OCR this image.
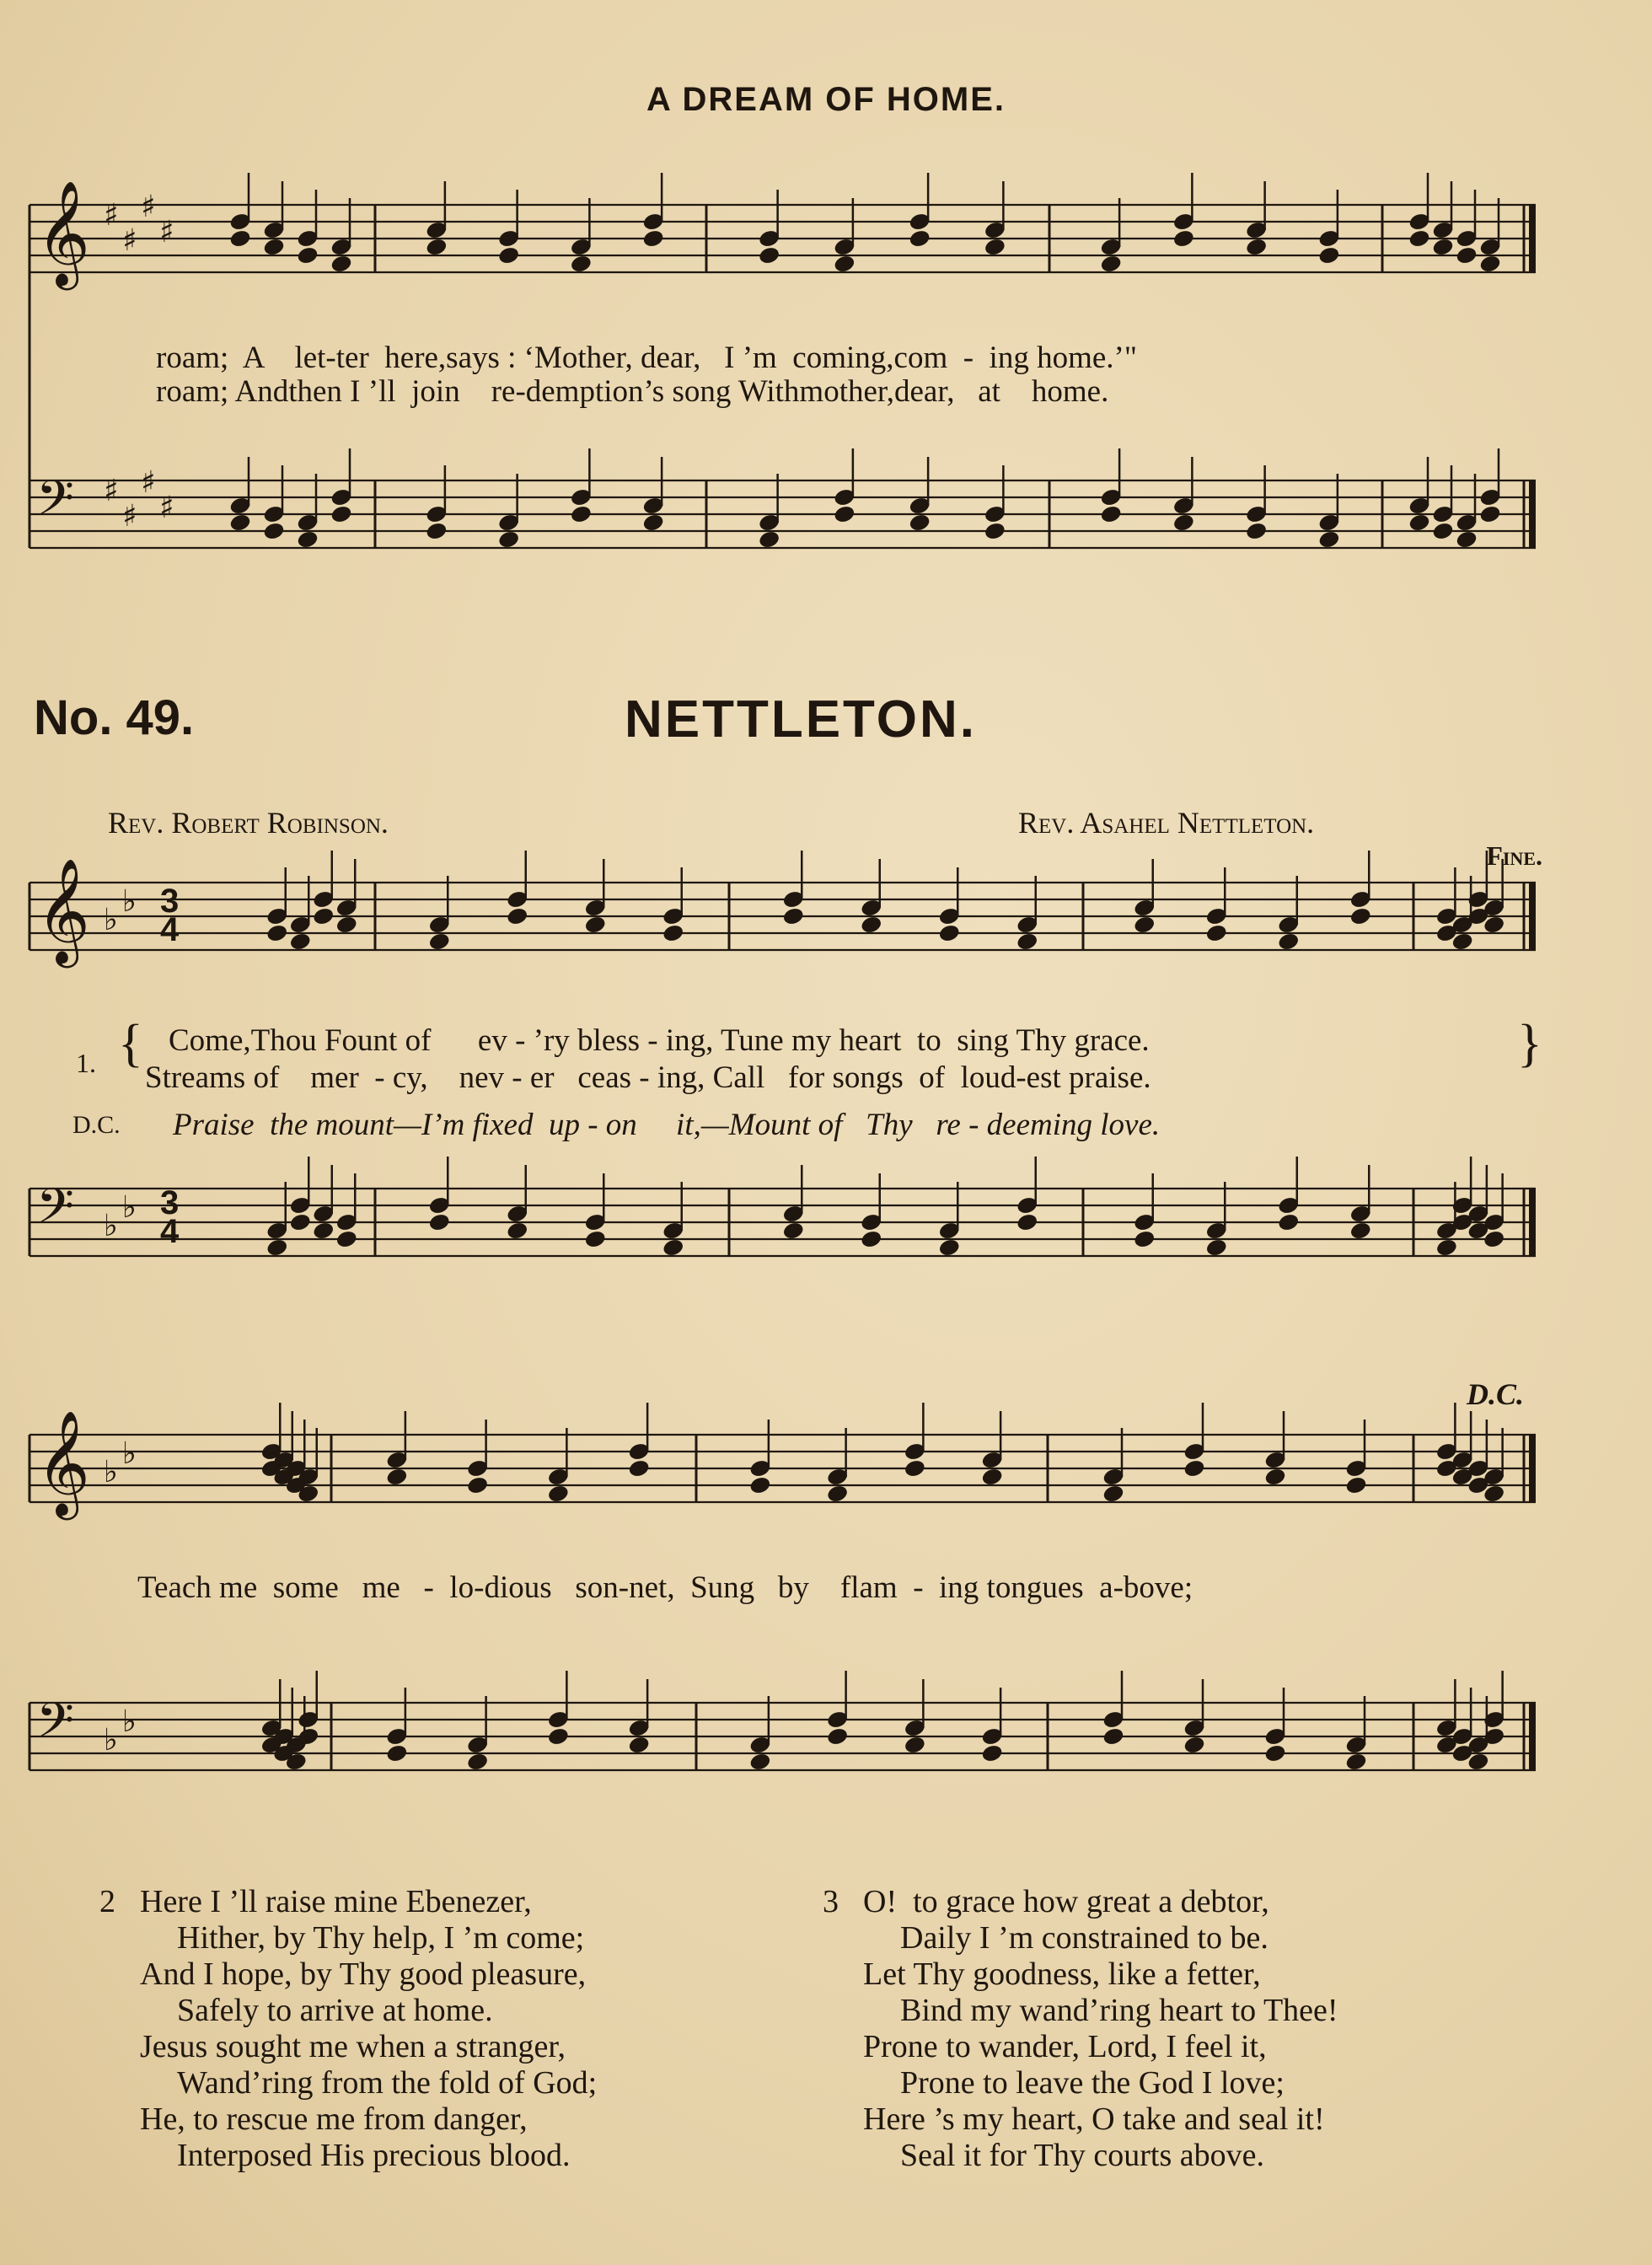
A DREAM OF HOME.
𝄞 ♯
♯
♯
♯
𝄢 ♯
♯
♯
♯
𝄞 ♭
♭
𝄢 ♭
♭
𝄞 ♭
♭
𝄢 ♭
♭
roam;  A    let-ter  here,says : ‘Mother, dear,   I ’m  coming,com  -  ing home.’"
roam; Andthen I ’ll  join    re-demption’s song Withmother,dear,   at    home.
No. 49.	NETTLETON.
Rev. Robert Robinson.	Rev. Asahel Nettleton.
Fine.
3
4
3
4
1. { Come,Thou Fount of      ev - ’ry bless - ing, Tune my heart  to  sing Thy grace.
Streams of    mer  - cy,    nev - er   ceas - ing, Call   for songs  of  loud-est praise.
}
D.C. Praise  the mount—I’m fixed  up - on     it,—Mount of   Thy   re - deeming love.
D.C.
Teach me  some   me   -  lo-dious   son-net,  Sung   by    flam  -  ing tongues  a-bove;
2 Here I ’ll raise mine Ebenezer,
Hither, by Thy help, I ’m come;
And I hope, by Thy good pleasure,
Safely to arrive at home.
Jesus sought me when a stranger,
Wand’ring from the fold of God;
He, to rescue me from danger,
Interposed His precious blood.
3 O!  to grace how great a debtor,
Daily I ’m constrained to be.
Let Thy goodness, like a fetter,
Bind my wand’ring heart to Thee!
Prone to wander, Lord, I feel it,
Prone to leave the God I love;
Here ’s my heart, O take and seal it!
Seal it for Thy courts above.
